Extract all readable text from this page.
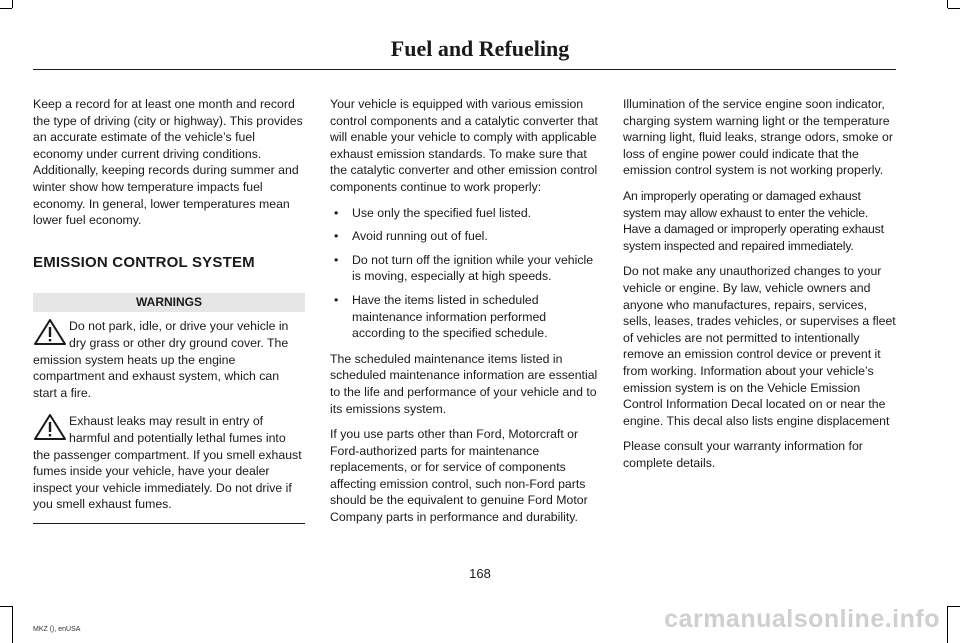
Fuel and Refueling

Keep a record for at least one month and record the type of driving (city or highway). This provides an accurate estimate of the vehicle’s fuel economy under current driving conditions. Additionally, keeping records during summer and winter show how temperature impacts fuel economy. In general, lower temperatures mean lower fuel economy.

EMISSION CONTROL SYSTEM
WARNINGS
Do not park, idle, or drive your vehicle in dry grass or other dry ground cover. The emission system heats up the engine compartment and exhaust system, which can start a fire.
Exhaust leaks may result in entry of harmful and potentially lethal fumes into the passenger compartment. If you smell exhaust fumes inside your vehicle, have your dealer inspect your vehicle immediately. Do not drive if you smell exhaust fumes.

Your vehicle is equipped with various emission control components and a catalytic converter that will enable your vehicle to comply with applicable exhaust emission standards. To make sure that the catalytic converter and other emission control components continue to work properly:

• Use only the specified fuel listed.
• Avoid running out of fuel.
• Do not turn off the ignition while your vehicle is moving, especially at high speeds.
• Have the items listed in scheduled maintenance information performed according to the specified schedule.

The scheduled maintenance items listed in scheduled maintenance information are essential to the life and performance of your vehicle and to its emissions system.

If you use parts other than Ford, Motorcraft or Ford-authorized parts for maintenance replacements, or for service of components affecting emission control, such non-Ford parts should be the equivalent to genuine Ford Motor Company parts in performance and durability.

Illumination of the service engine soon indicator, charging system warning light or the temperature warning light, fluid leaks, strange odors, smoke or loss of engine power could indicate that the emission control system is not working properly.

An improperly operating or damaged exhaust system may allow exhaust to enter the vehicle. Have a damaged or improperly operating exhaust system inspected and repaired immediately.

Do not make any unauthorized changes to your vehicle or engine. By law, vehicle owners and anyone who manufactures, repairs, services, sells, leases, trades vehicles, or supervises a fleet of vehicles are not permitted to intentionally remove an emission control device or prevent it from working. Information about your vehicle’s emission system is on the Vehicle Emission Control Information Decal located on or near the engine. This decal also lists engine displacement

Please consult your warranty information for complete details.

168
MKZ (), enUSA	carmanualsonline.info
